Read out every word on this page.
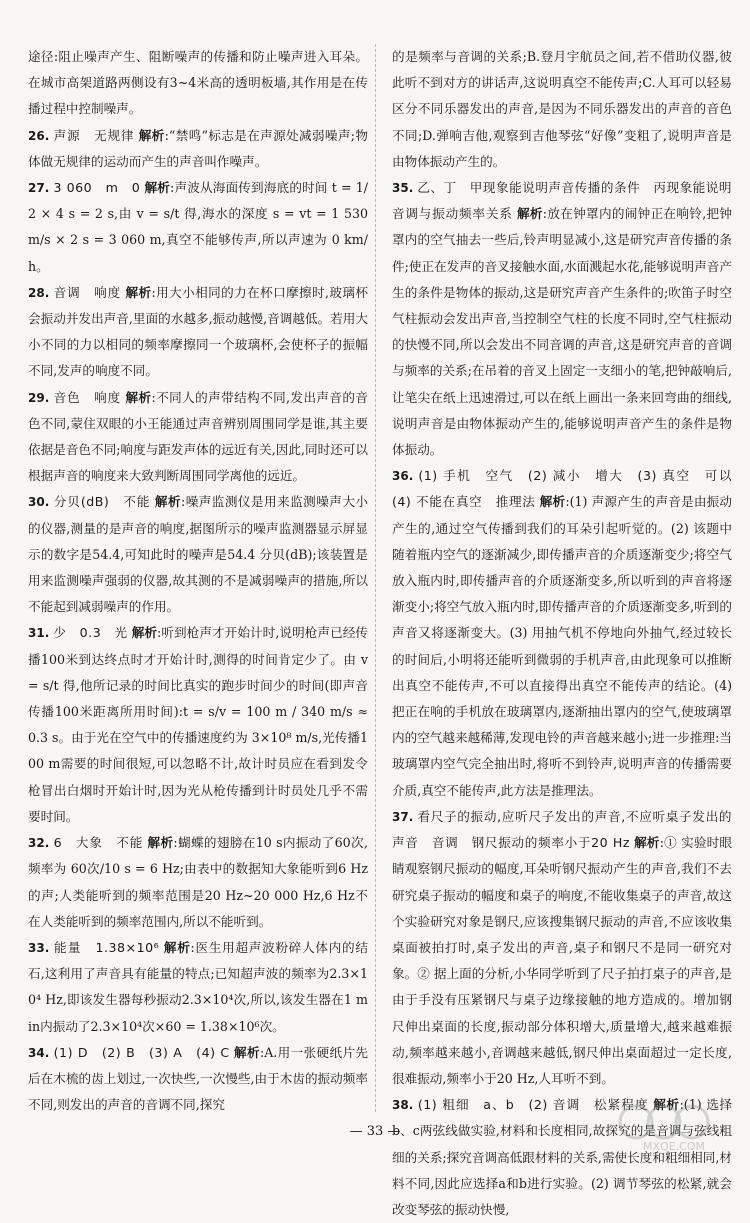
途径:阻止噪声产生、阻断噪声的传播和防止噪声进入耳朵。在城市高架道路两侧设有3~4米高的透明板墙,其作用是在传播过程中控制噪声。

26. 声源　无规律 解析:“禁鸣”标志是在声源处减弱噪声;物体做无规律的运动而产生的声音叫作噪声。

27. 3 060　m　0 解析:声波从海面传到海底的时间 t = 1/2 × 4 s = 2 s,由 v = s/t 得,海水的深度 s = vt = 1 530 m/s × 2 s = 3 060 m,真空不能够传声,所以声速为 0 km/h。

28. 音调　响度 解析:用大小相同的力在杯口摩擦时,玻璃杯会振动并发出声音,里面的水越多,振动越慢,音调越低。若用大小不同的力以相同的频率摩擦同一个玻璃杯,会使杯子的振幅不同,发声的响度不同。

29. 音色　响度 解析:不同人的声带结构不同,发出声音的音色不同,蒙住双眼的小王能通过声音辨别周围同学是谁,其主要依据是音色不同;响度与距发声体的远近有关,因此,同时还可以根据声音的响度来大致判断周围同学离他的远近。

30. 分贝(dB)　不能 解析:噪声监测仪是用来监测噪声大小的仪器,测量的是声音的响度,据图所示的噪声监测器显示屏显示的数字是54.4,可知此时的噪声是54.4 分贝(dB);该装置是用来监测噪声强弱的仪器,故其测的不是减弱噪声的措施,所以不能起到减弱噪声的作用。

31. 少　0.3　光 解析:听到枪声才开始计时,说明枪声已经传播100米到达终点时才开始计时,测得的时间肯定少了。由 v = s/t 得,他所记录的时间比真实的跑步时间少的时间(即声音传播100米距离所用时间):t = s/v = 100 m / 340 m/s ≈ 0.3 s。由于光在空气中的传播速度约为 3×10⁸ m/s,光传播100 m需要的时间很短,可以忽略不计,故计时员应在看到发令枪冒出白烟时开始计时,因为光从枪传播到计时员处几乎不需要时间。

32. 6　大象　不能 解析:蝴蝶的翅膀在10 s内振动了60次,频率为 60次/10 s = 6 Hz;由表中的数据知大象能听到6 Hz的声;人类能听到的频率范围是20 Hz~20 000 Hz,6 Hz不在人类能听到的频率范围内,所以不能听到。

33. 能量　1.38×10⁶ 解析:医生用超声波粉碎人体内的结石,这利用了声音具有能量的特点;已知超声波的频率为2.3×10⁴ Hz,即该发生器每秒振动2.3×10⁴次,所以,该发生器在1 min内振动了2.3×10⁴次×60 = 1.38×10⁶次。

34. (1) D　(2) B　(3) A　(4) C 解析:A.用一张硬纸片先后在木梳的齿上划过,一次快些,一次慢些,由于木齿的振动频率不同,则发出的声音的音调不同,探究

的是频率与音调的关系;B.登月宇航员之间,若不借助仪器,彼此听不到对方的讲话声,这说明真空不能传声;C.人耳可以轻易区分不同乐器发出的声音,是因为不同乐器发出的声音的音色不同;D.弹响吉他,观察到吉他琴弦“好像”变粗了,说明声音是由物体振动产生的。

35. 乙、丁　甲现象能说明声音传播的条件　丙现象能说明音调与振动频率关系 解析:放在钟罩内的闹钟正在响铃,把钟罩内的空气抽去一些后,铃声明显减小,这是研究声音传播的条件;使正在发声的音叉接触水面,水面溅起水花,能够说明声音产生的条件是物体的振动,这是研究声音产生条件的;吹笛子时空气柱振动会发出声音,当控制空气柱的长度不同时,空气柱振动的快慢不同,所以会发出不同音调的声音,这是研究声音的音调与频率的关系;在吊着的音叉上固定一支细小的笔,把钟敲响后,让笔尖在纸上迅速滑过,可以在纸上画出一条来回弯曲的细线,说明声音是由物体振动产生的,能够说明声音产生的条件是物体振动。

36. (1) 手机　空气　(2) 减小　增大　(3) 真空　可以　(4) 不能在真空　推理法 解析:(1) 声源产生的声音是由振动产生的,通过空气传播到我们的耳朵引起听觉的。(2) 该题中随着瓶内空气的逐渐减少,即传播声音的介质逐渐变少;将空气放入瓶内时,即传播声音的介质逐渐变多,所以听到的声音将逐渐变小;将空气放入瓶内时,即传播声音的介质逐渐变多,听到的声音又将逐渐变大。(3) 用抽气机不停地向外抽气,经过较长的时间后,小明将还能听到微弱的手机声音,由此现象可以推断出真空不能传声,不可以直接得出真空不能传声的结论。(4) 把正在响的手机放在玻璃罩内,逐渐抽出罩内的空气,使玻璃罩内的空气越来越稀薄,发现电铃的声音越来越小;进一步推理:当玻璃罩内空气完全抽出时,将听不到铃声,说明声音的传播需要介质,真空不能传声,此方法是推理法。

37. 看尺子的振动,应听尺子发出的声音,不应听桌子发出的声音　音调　钢尺振动的频率小于20 Hz 解析:① 实验时眼睛观察钢尺振动的幅度,耳朵听钢尺振动产生的声音,我们不去研究桌子振动的幅度和桌子的响度,不能收集桌子的声音,故这个实验研究对象是钢尺,应该搜集钢尺振动的声音,不应该收集桌面被拍打时,桌子发出的声音,桌子和钢尺不是同一研究对象。② 据上面的分析,小华同学听到了尺子拍打桌子的声音,是由于手没有压紧钢尺与桌子边缘接触的地方造成的。增加钢尺伸出桌面的长度,振动部分体积增大,质量增大,越来越难振动,频率越来越小,音调越来越低,钢尺伸出桌面超过一定长度,很难振动,频率小于20 Hz,人耳听不到。

38. (1) 粗细　a、b　(2) 音调　松紧程度 解析:(1) 选择b、c两弦线做实验,材料和长度相同,故探究的是音调与弦线粗细的关系;探究音调高低跟材料的关系,需使长度和粗细相同,材料不同,因此应选择a和b进行实验。(2) 调节琴弦的松紧,就会改变琴弦的振动快慢,

— 33 —
MXQE.COM
